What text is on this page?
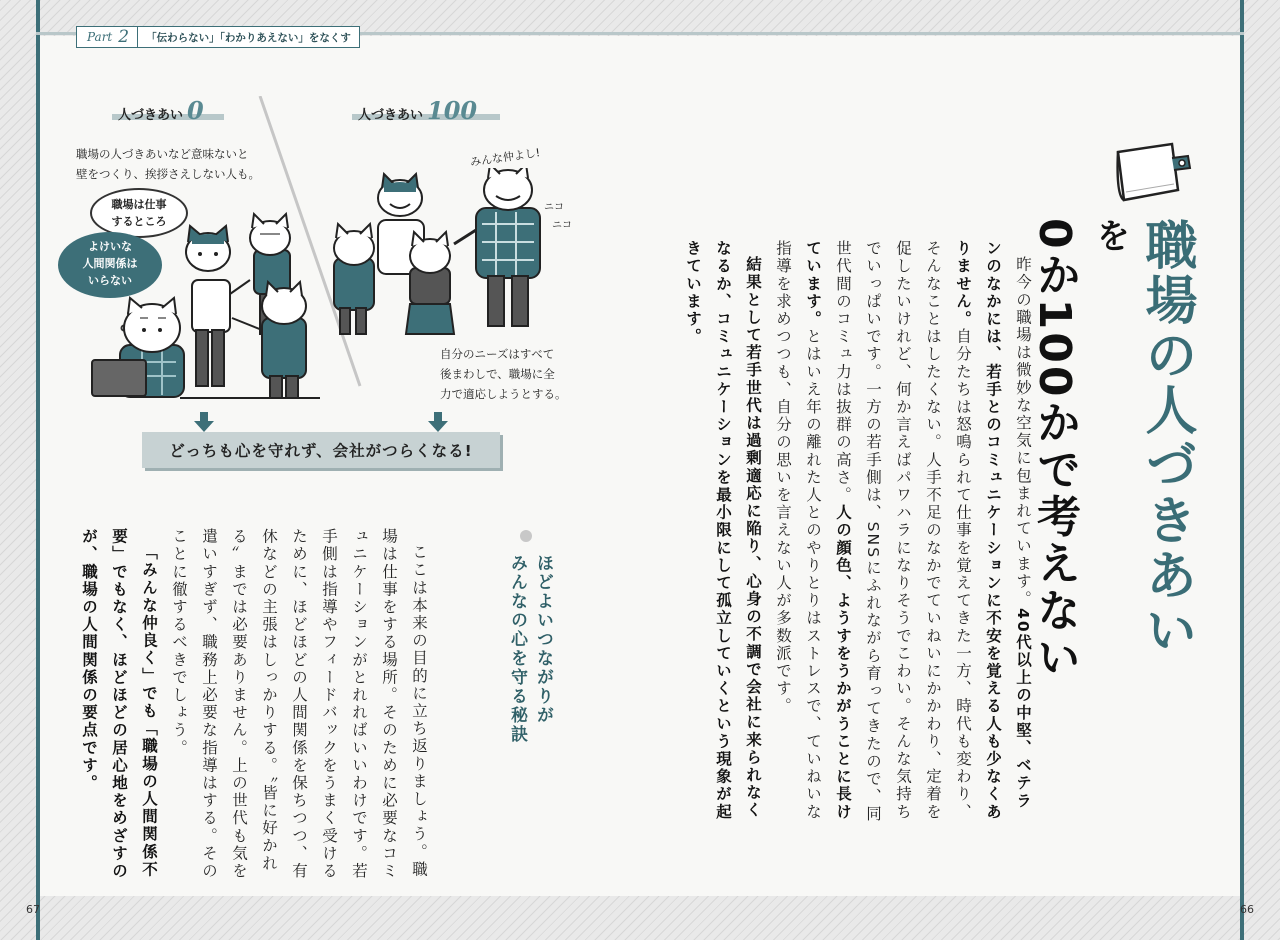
Part 2	「伝わらない」「わかりあえない」をなくす
67	66
職場の人づきあいを
0か100かで考えない
昨今の職場は微妙な空気に包まれています。40代以上の中堅、ベテランのなかには、若手とのコミュニケーションに不安を覚える人も少なくありません。自分たちは怒鳴られて仕事を覚えてきた一方、時代も変わり、そんなことはしたくない。人手不足のなかでていねいにかかわり、定着を促したいけれど、何か言えばパワハラになりそうでこわい。そんな気持ちでいっぱいです。一方の若手側は、SNSにふれながら育ってきたので、同世代間のコミュ力は抜群の高さ。人の顔色、ようすをうかがうことに長けています。とはいえ年の離れた人とのやりとりはストレスで、ていねいな指導を求めつつも、自分の思いを言えない人が多数派です。
結果として若手世代は過剰適応に陥り、心身の不調で会社に来られなくなるか、コミュニケーションを最小限にして孤立していくという現象が起きています。
人づきあい 0	人づきあい 100
職場の人づきあいなど意味ないと
壁をつくり、挨拶さえしない人も。
職場は仕事
するところ
よけいな
人間関係は
いらない
みんな仲よし!
ニコ
ニコ
自分のニーズはすべて
後まわしで、職場に全
力で適応しようとする。
どっちも心を守れず、会社がつらくなる!
ほどよいつながりが
みんなの心を守る秘訣
ここは本来の目的に立ち返りましょう。職場は仕事をする場所。そのために必要なコミュニケーションがとれればいいわけです。若手側は指導やフィードバックをうまく受けるために、ほどほどの人間関係を保ちつつ、有休などの主張はしっかりする。〝皆に好かれる〟までは必要ありません。上の世代も気を遣いすぎず、職務上必要な指導はする。そのことに徹するべきでしょう。
「みんな仲良く」でも「職場の人間関係不要」でもなく、ほどほどの居心地をめざすのが、職場の人間関係の要点です。
